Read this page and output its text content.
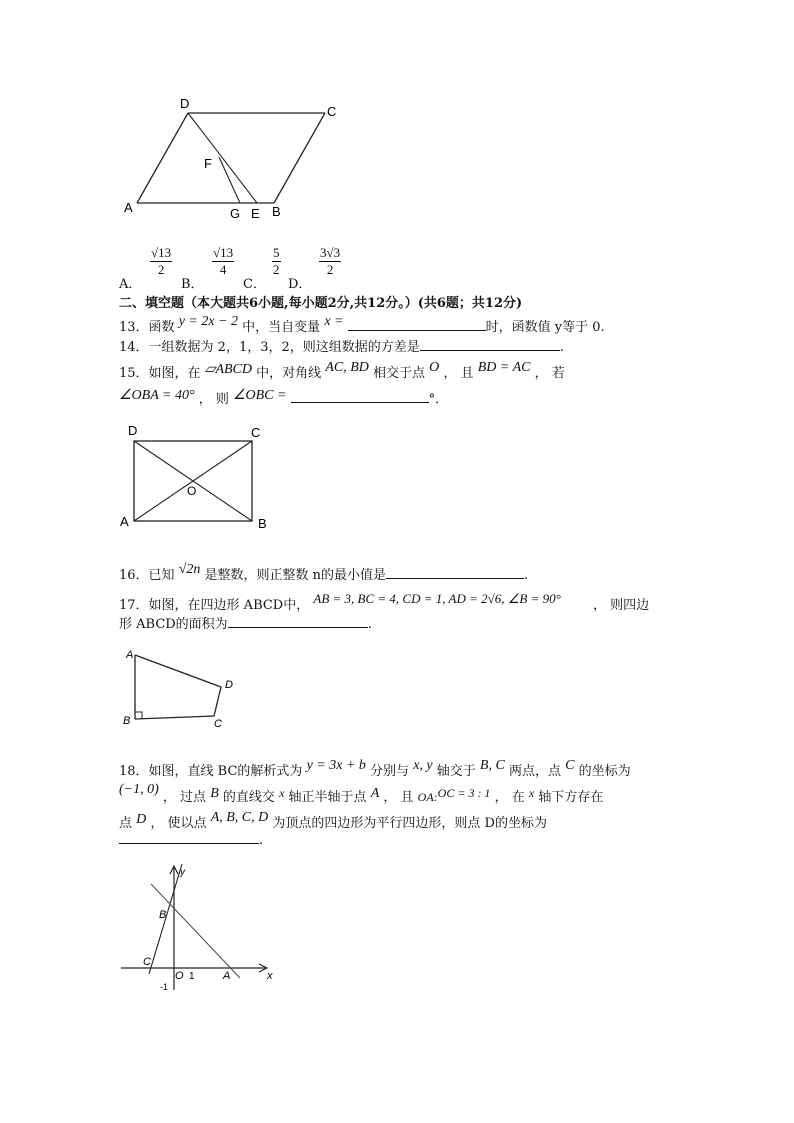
D
C
F
A	G E B
A．
$\frac{√13}{2}$
B．
$\frac{√13}{4}$
C．
$\frac{5}{2}$
D．
$\frac{3√3}{2}$
二、填空题（本大题共6小题,每小题2分,共12分。）(共6题；共12分)
13．函数 y = 2x − 2 中，当自变量 x =	时，函数值 y等于 0.
14．一组数据为 2，1，3，2，则这组数据的方差是	.
15．如图，在 ▱ABCD 中，对角线 AC, BD 相交于点 O ， 且 BD = AC ， 若
∠OBA = 40° ， 则 ∠OBC =	°．
D	C
A	B
O
16．已知 √2n 是整数，则正整数 n的最小值是	.
17．如图，在四边形 ABCD中， AB = 3, BC = 4, CD = 1, AD = 2√6, ∠B = 90° ， 则四边
形 ABCD的面积为	.
A
D
B	C
18．如图，直线 BC的解析式为 y = 3x + b 分别与 x, y 轴交于 B, C 两点，点 C 的坐标为
(−1, 0) ， 过点 B 的直线交 x 轴正半轴于点 A ， 且 OA:OC = 3 : 1 ， 在 x 轴下方存在
点 D ， 使以点 A, B, C, D 为顶点的四边形为平行四边形，则点 D的坐标为
.
y
B
C
O 1	A	x
-1
